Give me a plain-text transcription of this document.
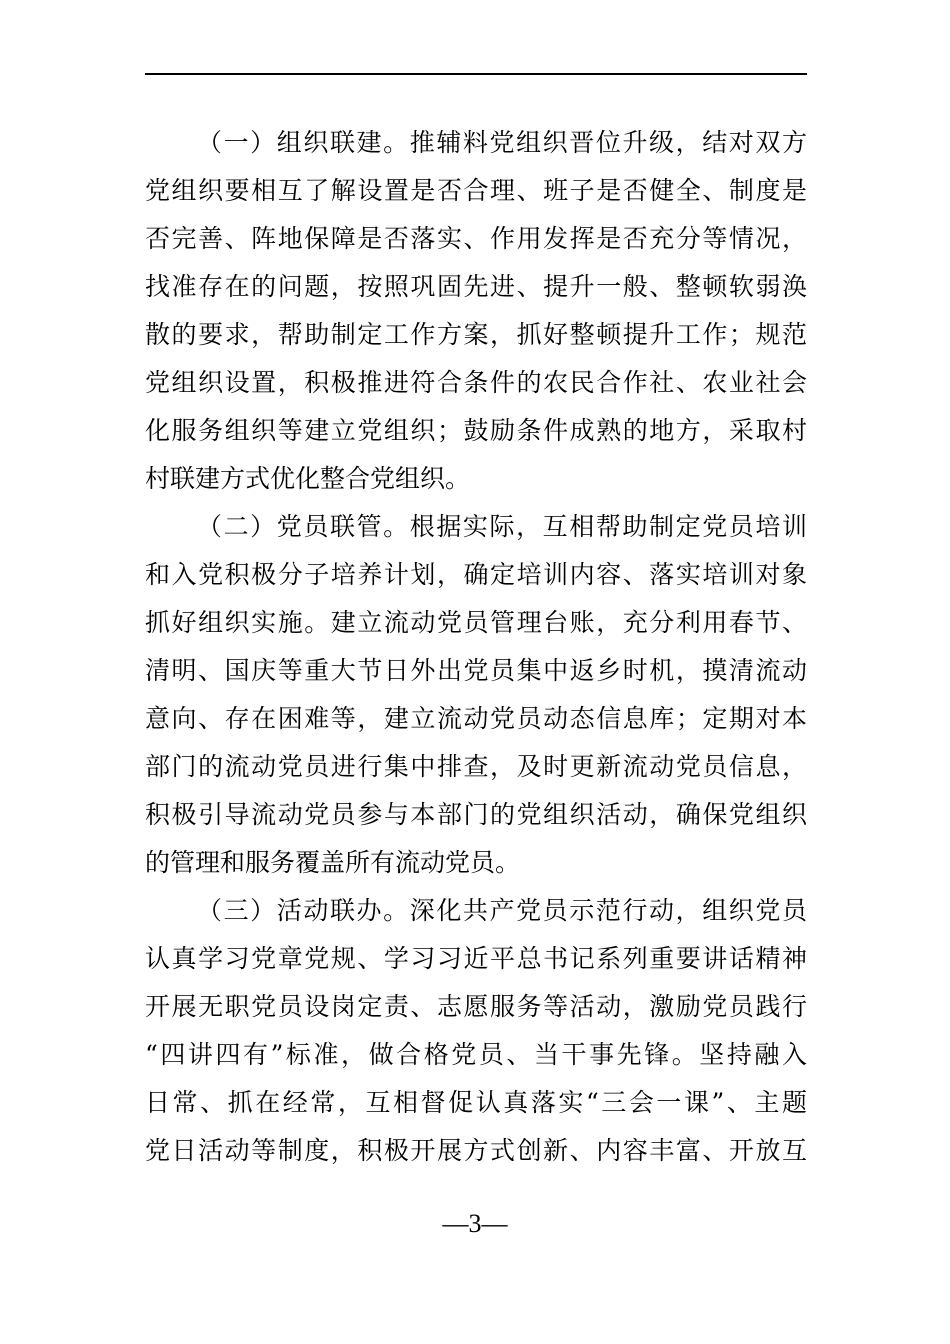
（一）组织联建。推辅料党组织晋位升级，结对双方
党组织要相互了解设置是否合理、班子是否健全、制度是
否完善、阵地保障是否落实、作用发挥是否充分等情况，
找准存在的问题，按照巩固先进、提升一般、整顿软弱涣
散的要求，帮助制定工作方案，抓好整顿提升工作；规范
党组织设置，积极推进符合条件的农民合作社、农业社会
化服务组织等建立党组织；鼓励条件成熟的地方，采取村
村联建方式优化整合党组织。
（二）党员联管。根据实际，互相帮助制定党员培训
和入党积极分子培养计划，确定培训内容、落实培训对象
抓好组织实施。建立流动党员管理台账，充分利用春节、
清明、国庆等重大节日外出党员集中返乡时机，摸清流动
意向、存在困难等，建立流动党员动态信息库；定期对本
部门的流动党员进行集中排查，及时更新流动党员信息，
积极引导流动党员参与本部门的党组织活动，确保党组织
的管理和服务覆盖所有流动党员。
（三）活动联办。深化共产党员示范行动，组织党员
认真学习党章党规、学习习近平总书记系列重要讲话精神
开展无职党员设岗定责、志愿服务等活动，激励党员践行
“四讲四有”标准，做合格党员、当干事先锋。坚持融入
日常、抓在经常，互相督促认真落实“三会一课”、主题
党日活动等制度，积极开展方式创新、内容丰富、开放互
—3—
